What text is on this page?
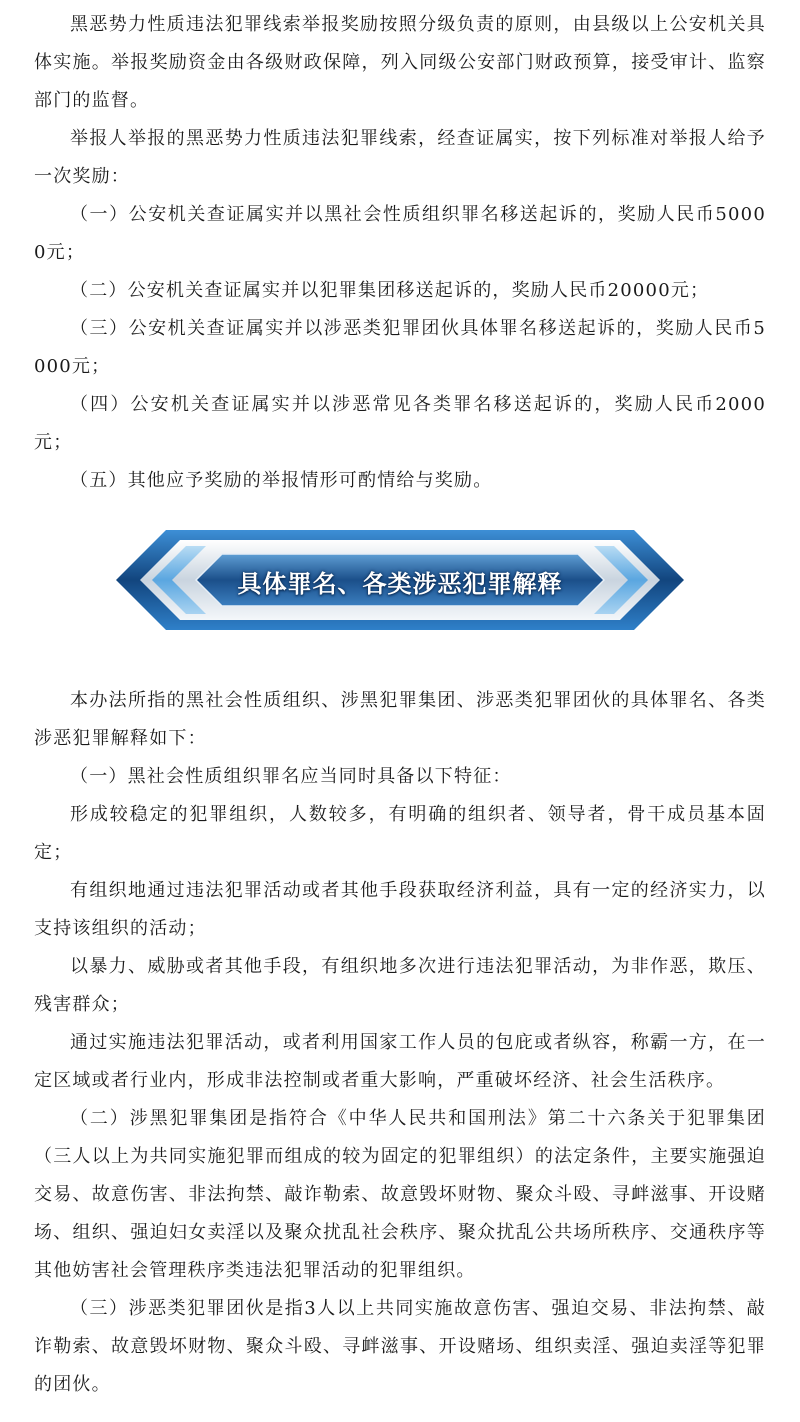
黑恶势力性质违法犯罪线索举报奖励按照分级负责的原则，由县级以上公安机关具体实施。举报奖励资金由各级财政保障，列入同级公安部门财政预算，接受审计、监察部门的监督。

举报人举报的黑恶势力性质违法犯罪线索，经查证属实，按下列标准对举报人给予一次奖励：

（一）公安机关查证属实并以黑社会性质组织罪名移送起诉的，奖励人民币50000元；

（二）公安机关查证属实并以犯罪集团移送起诉的，奖励人民币20000元；

（三）公安机关查证属实并以涉恶类犯罪团伙具体罪名移送起诉的，奖励人民币5000元；

（四）公安机关查证属实并以涉恶常见各类罪名移送起诉的，奖励人民币2000元；

（五）其他应予奖励的举报情形可酌情给与奖励。

具体罪名、各类涉恶犯罪解释

本办法所指的黑社会性质组织、涉黑犯罪集团、涉恶类犯罪团伙的具体罪名、各类涉恶犯罪解释如下：

（一）黑社会性质组织罪名应当同时具备以下特征：

形成较稳定的犯罪组织，人数较多，有明确的组织者、领导者，骨干成员基本固定；

有组织地通过违法犯罪活动或者其他手段获取经济利益，具有一定的经济实力，以支持该组织的活动；

以暴力、威胁或者其他手段，有组织地多次进行违法犯罪活动，为非作恶，欺压、残害群众；

通过实施违法犯罪活动，或者利用国家工作人员的包庇或者纵容，称霸一方，在一定区域或者行业内，形成非法控制或者重大影响，严重破坏经济、社会生活秩序。

（二）涉黑犯罪集团是指符合《中华人民共和国刑法》第二十六条关于犯罪集团（三人以上为共同实施犯罪而组成的较为固定的犯罪组织）的法定条件，主要实施强迫交易、故意伤害、非法拘禁、敲诈勒索、故意毁坏财物、聚众斗殴、寻衅滋事、开设赌场、组织、强迫妇女卖淫以及聚众扰乱社会秩序、聚众扰乱公共场所秩序、交通秩序等其他妨害社会管理秩序类违法犯罪活动的犯罪组织。

（三）涉恶类犯罪团伙是指3人以上共同实施故意伤害、强迫交易、非法拘禁、敲诈勒索、故意毁坏财物、聚众斗殴、寻衅滋事、开设赌场、组织卖淫、强迫卖淫等犯罪的团伙。
